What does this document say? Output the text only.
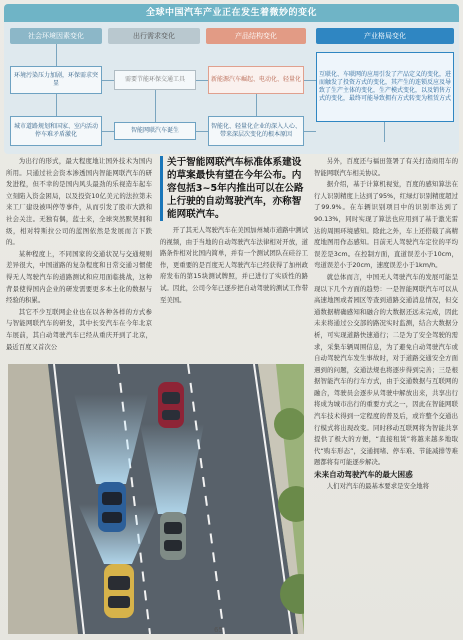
全球中国汽车产业正在发生着微妙的变化
社会环境因素变化	出行需求变化	产品结构变化	产业格局变化
环境污染压力加剧，环保需求突显
城市道路规划和国家、室内活动停车难矛盾激化
需要节能环保交通工具
智能网联汽车诞生
新能源汽车崛起、电动化、轻量化
智能化、轻量化企业的深入人心、带来深层次变化的根本原因
互联化、车联网的应用引发了产品定义的变化，进而触发了投资方式的变化，其产生的连锁反应及导致了生产主体的变化，生产模式变化，以及销售方式的变化，最终可能导致拥有方式转变为租赁方式

为出行的形式，最大程度地让国外技术为国内所用。只通过社会资本渗透国内智能网联汽车的研发进程，但不幸的是国内风头最劲的乐视造车起车立刻陷入资金困局，以及投资10亿美元的法拉第未来工厂建设被叫停等事件，从而引发了股市大跌和社会关注。无独有偶，蓝士来，全球突然默契拥和级，相对特斯拉公司的蓝图依然是发展而言下跌的。

某种程度上，不同国家的交通状况与交通规则差异很大，中国道路的复杂程度和日常交通习惯使得无人驾驶汽车的道路测试和应用面临挑战，这种背景使得国内企业的研发需要更多本土化的数据与经验的积累。

其它不少互联网企业也在以各种各样的方式参与智能网联汽车的研发，其中长安汽车在今年北京车展前，其自动驾驶汽车已经从重庆开到了北京，最近百度又首次公

关于智能网联汽车标准体系建设的草案最快有望在今年公布。内容包括3~5年内推出可以在公路上行驶的自动驾驶汽车，亦称智能网联汽车。

开了其无人驾驶汽车在美国加州城市道路中测试的视频，由于当地的自动驾驶汽车法律相对开放，道路条件相对比国内简单，并有一个测试团队在硅谷工作，更重要的是百度无人驾驶汽车已经获得了加州政府发布的第15块测试牌照，并已进行了实质性的路试。因此，公司今年已逐步把自动驾驶的测试工作带至美国。

另外，百度还与福田签署了有关打造商用车的智能网联汽车相关协议。

据介绍，基于计算机视觉，百度的感知算法在行人识别精度上达到了95%，红绿灯识别精度超过了99.9%。在车辆识别项目中的识别率达到了90.13%，同时实现了算法也应用到了基于激光雷达的周围环境感知。除此之外，车上还搭载了高精度地图用作态感知。目前无人驾驶汽车定位的平均误差是3cm。在控制方面，直道误差小于10cm，弯道误差小于20cm，速度误差小于1km/h。

就总体而言，中国无人驾驶汽车的发展可能呈现以下几个方面的趋势：一是智能网联汽车可以从高速地图或者园区等查到道路交通消息情况，但交通数据精确感知和融合的大数据还远未完成，因此未来将通过公交部的路况实时监测，结合大数据分析，可实现道路快速通行；二是为了安全驾驶的需求，采集车辆周围信息，为了避免自动驾驶汽车或自动驾驶汽车发生事故时，对于道路交通安全方面遇到的问题，交通法规也将逐步得到完善；三是根据智能汽车的行车方式，由于交通数据与互联网的融合，驾驶员会逐步从驾驶中解放出来，共享出行将成为城市出行的重要方式之一，因此在智能网联汽车技术得到一定程度的普及后，或许整个交通出行模式将出现改变。同时移动互联网将为智能共享提供了极大的方便，“直接租赁”将越来越多地取代“购车形态”，交通拥堵、停车难、节能减排等难题都将有可能逐步解决。

未来自动驾驶汽车的最大困惑

人们对汽车的最基本要求是安全地将

65
